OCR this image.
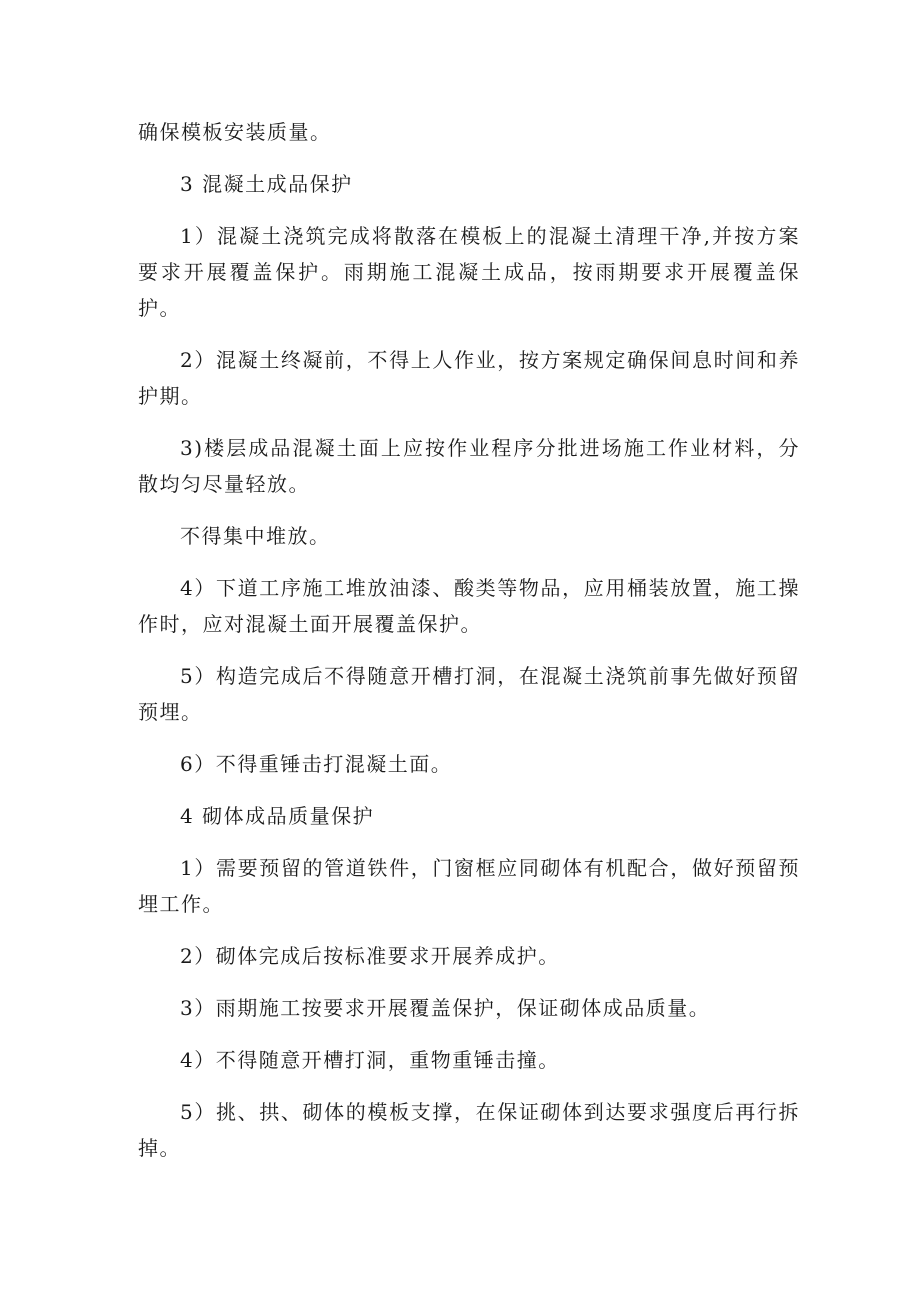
确保模板安装质量。

3 混凝土成品保护

1）混凝土浇筑完成将散落在模板上的混凝土清理干净,并按方案要求开展覆盖保护。雨期施工混凝土成品，按雨期要求开展覆盖保护。

2）混凝土终凝前，不得上人作业，按方案规定确保间息时间和养护期。

3)楼层成品混凝土面上应按作业程序分批进场施工作业材料，分散均匀尽量轻放。

不得集中堆放。

4）下道工序施工堆放油漆、酸类等物品，应用桶装放置，施工操作时，应对混凝土面开展覆盖保护。

5）构造完成后不得随意开槽打洞，在混凝土浇筑前事先做好预留预埋。

6）不得重锤击打混凝土面。

4 砌体成品质量保护

1）需要预留的管道铁件，门窗框应同砌体有机配合，做好预留预埋工作。

2）砌体完成后按标准要求开展养成护。

3）雨期施工按要求开展覆盖保护，保证砌体成品质量。

4）不得随意开槽打洞，重物重锤击撞。

5）挑、拱、砌体的模板支撑，在保证砌体到达要求强度后再行拆掉。
